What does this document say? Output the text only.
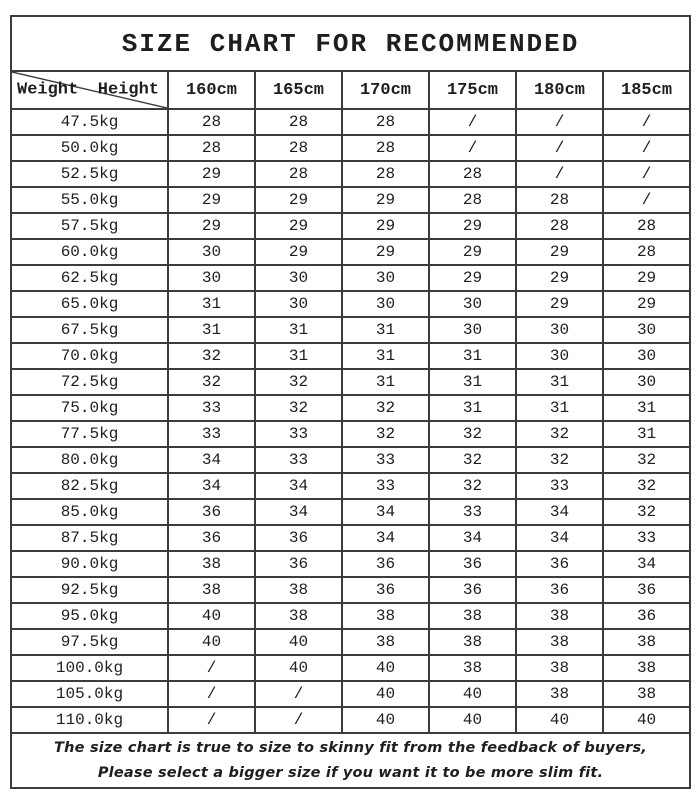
SIZE CHART FOR RECOMMENDED						

Weight Height	160cm	165cm	170cm	175cm	180cm	185cm
47.5kg	28	28	28	/	/	/
50.0kg	28	28	28	/	/	/
52.5kg	29	28	28	28	/	/
55.0kg	29	29	29	28	28	/
57.5kg	29	29	29	29	28	28
60.0kg	30	29	29	29	29	28
62.5kg	30	30	30	29	29	29
65.0kg	31	30	30	30	29	29
67.5kg	31	31	31	30	30	30
70.0kg	32	31	31	31	30	30
72.5kg	32	32	31	31	31	30
75.0kg	33	32	32	31	31	31
77.5kg	33	33	32	32	32	31
80.0kg	34	33	33	32	32	32
82.5kg	34	34	33	32	33	32
85.0kg	36	34	34	33	34	32
87.5kg	36	36	34	34	34	33
90.0kg	38	36	36	36	36	34
92.5kg	38	38	36	36	36	36
95.0kg	40	38	38	38	38	36
97.5kg	40	40	38	38	38	38
100.0kg	/	40	40	38	38	38
105.0kg	/	/	40	40	38	38
110.0kg	/	/	40	40	40	40

The size chart is true to size to skinny fit from the feedback of buyers,
Please select a bigger size if you want it to be more slim fit.						
